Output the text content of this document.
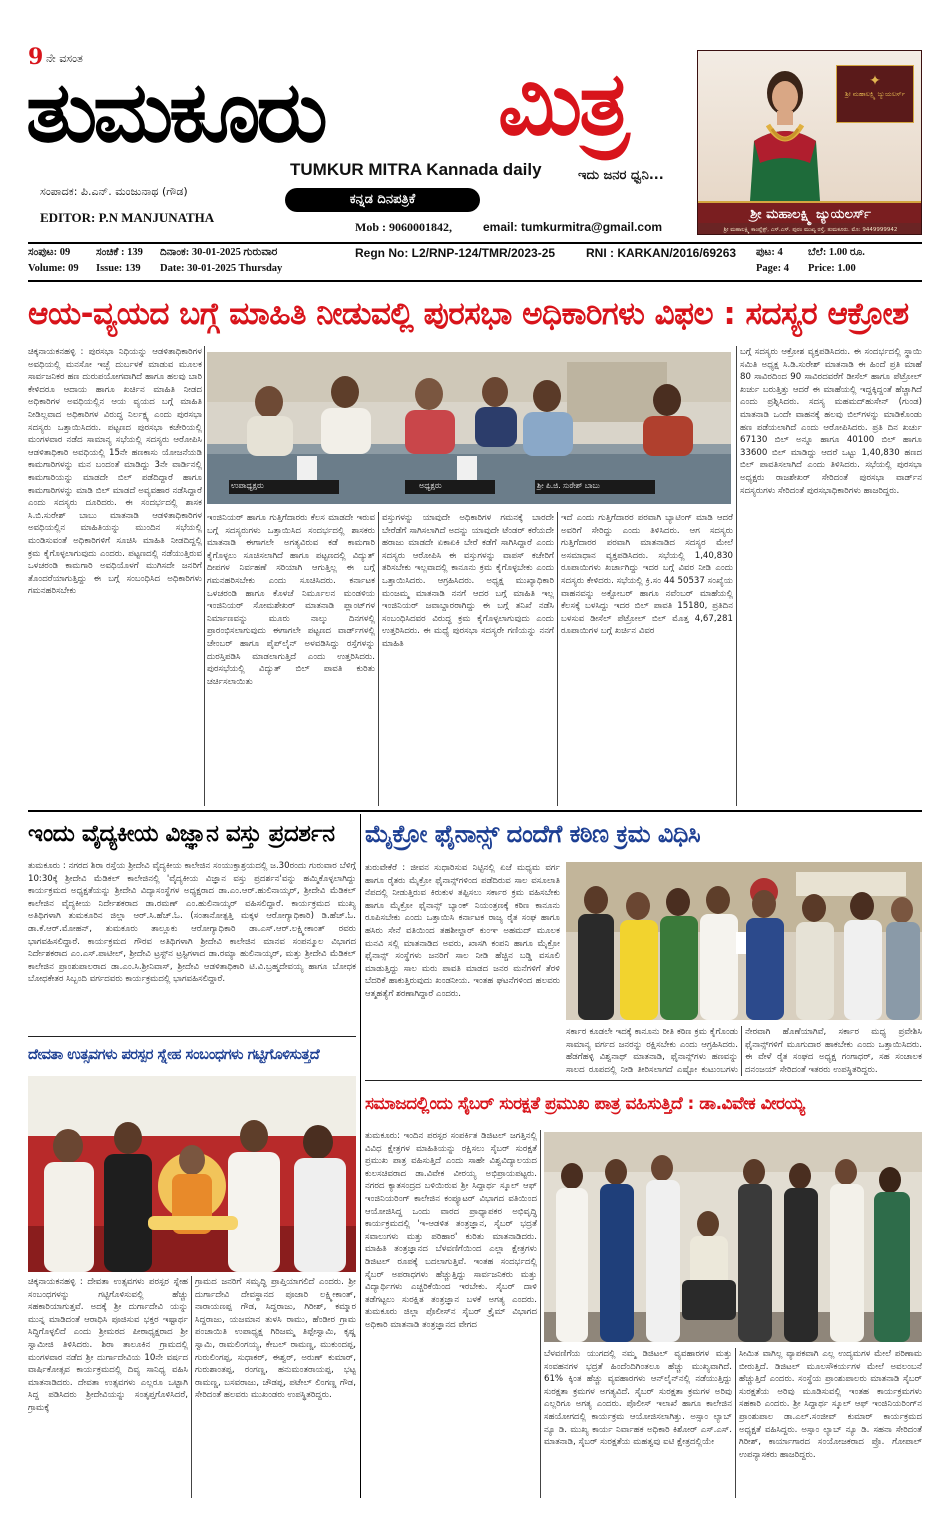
9 ನೇ ವಸಂತ
ತುಮಕೂರು ಮಿತ್ರ
TUMKUR MITRA Kannada daily	ಇದು ಜನರ ಧ್ವನಿ...
ಸಂಪಾದಕ: ಪಿ.ಎನ್. ಮಂಜುನಾಥ (ಗೌಡ)
EDITOR: P.N MANJUNATHA
ಕನ್ನಡ ದಿನಪತ್ರಿಕೆ
Mob : 9060001842,	email: tumkurmitra@gmail.com
✦
ಶ್ರೀ ಮಹಾಲಕ್ಷ್ಮಿ ಜ್ಯುಯಲರ್ಸ್
ಶ್ರೀ ಮಹಾಲಕ್ಷ್ಮಿ ಜ್ಯುಯಲರ್ಸ್
ಶ್ರೀ ಮಹಾಲಕ್ಷ್ಮಿ ಕಾಂಪ್ಲೆಕ್ಸ್, ಎಸ್.ಎಸ್. ಪುರಂ ಮುಖ್ಯ ರಸ್ತೆ, ತುಮಕೂರು. ಮೊ: 9449999942
ಸಂಪುಟ: 09 ಸಂಚಿಕೆ : 139 ದಿನಾಂಕ: 30-01-2025 ಗುರುವಾರ	Regn No: L2/RNP-124/TMR/2023-25	RNI : KARKAN/2016/69263 ಪುಟ: 4 ಬೆಲೆ: 1.00 ರೂ.
Volume: 09 Issue: 139 Date: 30-01-2025 Thursday	Page: 4 Price: 1.00
ಆಯ-ವ್ಯಯದ ಬಗ್ಗೆ ಮಾಹಿತಿ ನೀಡುವಲ್ಲಿ ಪುರಸಭಾ ಅಧಿಕಾರಿಗಳು ವಿಫಲ : ಸದಸ್ಯರ ಆಕ್ರೋಶ
ಚಿಕ್ಕನಾಯಕನಹಳ್ಳಿ : ಪುರಸಭಾ ನಿಧಿಯನ್ನು ಆಡಳಿತಾಧಿಕಾರಿಗಳ ಅವಧಿಯಲ್ಲಿ ಮನಸೋ ಇಚ್ಛೆ ದುರ್ಬಳಕೆ ಮಾಡುವ ಮೂಲಕ ಸಾರ್ವಜನಿಕರ ಹಣ ದುರುಪಯೋಗವಾಗಿದೆ ಹಾಗೂ ಹಲವು ಬಾರಿ ಕೇಳಿದರೂ ಆದಾಯ ಹಾಗೂ ಖರ್ಚಿನ ಮಾಹಿತಿ ನೀಡದ ಅಧಿಕಾರಿಗಳ ಅವಧಿಯಲ್ಲಿನ ಆಯ ವ್ಯಯದ ಬಗ್ಗೆ ಮಾಹಿತಿ ನೀಡಿಲ್ಲವಾದ ಅಧಿಕಾರಿಗಳ ವಿರುದ್ಧ ನಿರ್ಲಕ್ಷ್ಯ ಎಂದು ಪುರಸಭಾ ಸದಸ್ಯರು ಒತ್ತಾಯಿಸಿದರು. ಪಟ್ಟಣದ ಪುರಸಭಾ ಕಚೇರಿಯಲ್ಲಿ ಮಂಗಳವಾರ ನಡೆದ ಸಾಮಾನ್ಯ ಸಭೆಯಲ್ಲಿ ಸದಸ್ಯರು ಆರೋಪಿಸಿ ಆಡಳಿತಾಧಿಕಾರಿ ಅವಧಿಯಲ್ಲಿ 15ನೇ ಹಣಕಾಸು ಯೋಜನೆಯಡಿ ಕಾಮಗಾರಿಗಳನ್ನು ಮನ ಬಂದಂತೆ ಮಾಡಿದ್ದು 3ನೇ ವಾರ್ಡಿನಲ್ಲಿ ಕಾಮಗಾರಿಯನ್ನು ಮಾಡದೇ ಬಿಲ್ ಪಡೆದಿದ್ದಾರೆ ಹಾಗೂ ಕಾಮಗಾರಿಗಳನ್ನು ಮಾಡಿ ಬಿಲ್ ಮಾಡದೆ ಅವ್ಯವಹಾರ ನಡೆಸಿದ್ದಾರೆ ಎಂದು ಸದಸ್ಯರು ದೂರಿದರು. ಈ ಸಂದರ್ಭದಲ್ಲಿ ಶಾಸಕ ಸಿ.ಬಿ.ಸುರೇಶ್ ಬಾಬು ಮಾತನಾಡಿ ಆಡಳಿತಾಧಿಕಾರಿಗಳ ಅವಧಿಯಲ್ಲಿನ ಮಾಹಿತಿಯನ್ನು ಮುಂದಿನ ಸಭೆಯಲ್ಲಿ ಮಂಡಿಸುವಂತೆ ಅಧಿಕಾರಿಗಳಿಗೆ ಸೂಚಿಸಿ ಮಾಹಿತಿ ನೀಡದಿದ್ದಲ್ಲಿ ಕ್ರಮ ಕೈಗೊಳ್ಳಲಾಗುವುದು ಎಂದರು. ಪಟ್ಟಣದಲ್ಲಿ ನಡೆಯುತ್ತಿರುವ ಒಳಚರಂಡಿ ಕಾಮಗಾರಿ ಅವಧಿಯೊಳಗೆ ಮುಗಿಸದೇ ಜನರಿಗೆ ತೊಂದರೆಯಾಗುತ್ತಿದ್ದು ಈ ಬಗ್ಗೆ ಸಂಬಂಧಿಸಿದ ಅಧಿಕಾರಿಗಳು ಗಮನಹರಿಸಬೇಕು
ಉಪಾಧ್ಯಕ್ಷರು	ಅಧ್ಯಕ್ಷರು	ಶ್ರೀ ಪಿ.ಜಿ. ಸುರೇಶ್ ಬಾಬು
ಇಂಜಿನಿಯರ್ ಹಾಗೂ ಗುತ್ತಿಗೆದಾರರು ಕೆಲಸ ಮಾಡದೇ ಇರುವ ಬಗ್ಗೆ ಸದಸ್ಯರುಗಳು ಒತ್ತಾಯಿಸಿದ ಸಂದರ್ಭದಲ್ಲಿ ಶಾಸಕರು ಮಾತನಾಡಿ ಈಗಾಗಲೇ ಅಗತ್ಯವಿರುವ ಕಡೆ ಕಾಮಗಾರಿ ಕೈಗೊಳ್ಳಲು ಸೂಚಿಸಲಾಗಿದೆ ಹಾಗೂ ಪಟ್ಟಣದಲ್ಲಿ ವಿದ್ಯುತ್ ದೀಪಗಳ ನಿರ್ವಹಣೆ ಸರಿಯಾಗಿ ಆಗುತ್ತಿಲ್ಲ ಈ ಬಗ್ಗೆ ಗಮನಹರಿಸಬೇಕು ಎಂದು ಸೂಚಿಸಿದರು. ಕರ್ನಾಟಕ ಒಳಚರಂಡಿ ಹಾಗೂ ಕೊಳಚೆ ನಿರ್ಮೂಲನ ಮಂಡಳಿಯ ಇಂಜಿನಿಯರ್ ಸೋಮಶೇಖರ್ ಮಾತನಾಡಿ ಪ್ಲಾಂಟ್‌ಗಳ ನಿರ್ಮಾಣವನ್ನು ಮೂರು ನಾಲ್ಕು ದಿನಗಳಲ್ಲಿ ಪ್ರಾರಂಭಿಸಲಾಗುವುದು ಈಗಾಗಲೇ ಪಟ್ಟಣದ ವಾರ್ಡ್‌ಗಳಲ್ಲಿ ಚೇಂಬರ್ ಹಾಗೂ ಪೈಪ್‌ಲೈನ್ ಅಳವಡಿಸಿದ್ದು ರಸ್ತೆಗಳನ್ನು ದುರಸ್ತಿಪಡಿಸಿ ಮಾಡಲಾಗುತ್ತಿದೆ ಎಂದು ಉತ್ತರಿಸಿದರು. ಪುರಸಭೆಯಲ್ಲಿ ವಿದ್ಯುತ್ ಬಿಲ್ ಪಾವತಿ ಕುರಿತು ಚರ್ಚಿಸಲಾಯಿತು
ವಸ್ತುಗಳನ್ನು ಯಾವುದೇ ಅಧಿಕಾರಿಗಳ ಗಮನಕ್ಕೆ ಬಾರದೇ ಬೇರೆಡೆಗೆ ಸಾಗಿಸಲಾಗಿದೆ ಅದನ್ನು ಯಾವುದೇ ಟೆಂಡರ್ ಕರೆಯದೇ ಹರಾಜು ಮಾಡದೇ ಏಕಾಏಕಿ ಬೇರೆ ಕಡೆಗೆ ಸಾಗಿಸಿದ್ದಾರೆ ಎಂದು ಸದಸ್ಯರು ಆರೋಪಿಸಿ ಈ ವಸ್ತುಗಳನ್ನು ವಾಪಸ್ ಕಚೇರಿಗೆ ತರಿಸಬೇಕು ಇಲ್ಲವಾದಲ್ಲಿ ಕಾನೂನು ಕ್ರಮ ಕೈಗೊಳ್ಳಬೇಕು ಎಂದು ಒತ್ತಾಯಿಸಿದರು. ಆಗ್ರಹಿಸಿದರು. ಅಧ್ಯಕ್ಷ ಮುಖ್ಯಾಧಿಕಾರಿ ಮಂಜಮ್ಮ ಮಾತನಾಡಿ ನನಗೆ ಆದರ ಬಗ್ಗೆ ಮಾಹಿತಿ ಇಲ್ಲ ಇಂಜಿನಿಯರ್ ಜವಾಬ್ದಾರರಾಗಿದ್ದು ಈ ಬಗ್ಗೆ ತನಿಖೆ ನಡೆಸಿ ಸಂಬಂಧಿಸಿದವರ ವಿರುದ್ಧ ಕ್ರಮ ಕೈಗೊಳ್ಳಲಾಗುವುದು ಎಂದು ಉತ್ತರಿಸಿದರು. ಈ ಮಧ್ಯೆ ಪುರಸಭಾ ಸದಸ್ಯರೇ ಗಣಿಯನ್ನು ನನಗೆ ಮಾಹಿತಿ
ಇದೆ ಎಂದು ಗುತ್ತಿಗೆದಾರರ ಪರವಾಗಿ ಬ್ಯಾಟಿಂಗ್ ಮಾಡಿ ಆದರೆ ಅವರಿಗೆ ಸೇರಿದ್ದು ಎಂದು ತಿಳಿಸಿದರು. ಆಗ ಸದಸ್ಯರು ಗುತ್ತಿಗೆದಾರರ ಪರವಾಗಿ ಮಾತನಾಡಿದ ಸದಸ್ಯರ ಮೇಲೆ ಅಸಮಾಧಾನ ವ್ಯಕ್ತಪಡಿಸಿದರು. ಸಭೆಯಲ್ಲಿ 1,40,830 ರೂಪಾಯಿಗಳು ಖರ್ಚಾಗಿದ್ದು ಇದರ ಬಗ್ಗೆ ವಿವರ ನೀಡಿ ಎಂದು ಸದಸ್ಯರು ಕೇಳಿದರು. ಸಭೆಯಲ್ಲಿ ಕ್ರಿ.ಸಂ 44 50537 ಸಂಖ್ಯೆಯ ವಾಹನವನ್ನು ಅಕ್ಟೋಬರ್ ಹಾಗೂ ನವೆಂಬರ್ ಮಾಹೆಯಲ್ಲಿ ಕೆಲಸಕ್ಕೆ ಬಳಸಿದ್ದು ಇದರ ಬಿಲ್ ಪಾವತಿ 15180, ಪ್ರತಿದಿನ ಬಳಸುವ ಡೀಸೆಲ್ ಪೆಟ್ರೋಲ್ ಬಿಲ್ ಮೊತ್ತ 4,67,281 ರೂಪಾಯಿಗಳ ಬಗ್ಗೆ ಖರ್ಚಿನ ವಿವರ
ಬಗ್ಗೆ ಸದಸ್ಯರು ಆಕ್ರೋಶ ವ್ಯಕ್ತಪಡಿಸಿದರು. ಈ ಸಂದರ್ಭದಲ್ಲಿ ಸ್ಥಾಯಿ ಸಮಿತಿ ಅಧ್ಯಕ್ಷ ಸಿ.ಡಿ.ಸುರೇಶ್ ಮಾತನಾಡಿ ಈ ಹಿಂದೆ ಪ್ರತಿ ಮಾಹೆ 80 ಸಾವಿರದಿಂದ 90 ಸಾವಿರದವರೆಗೆ ಡೀಸೆಲ್ ಹಾಗೂ ಪೆಟ್ರೋಲ್ ಖರ್ಚು ಬರುತ್ತಿತ್ತು ಆದರೆ ಈ ಮಾಹೆಯಲ್ಲಿ ಇದ್ದಕ್ಕಿದ್ದಂತೆ ಹೆಚ್ಚಾಗಿದೆ ಎಂದು ಪ್ರಶ್ನಿಸಿದರು. ಸದಸ್ಯ ಮಹಮದ್‌ಹುಸೇನ್ (ಗುಂಡ) ಮಾತನಾಡಿ ಒಂದೇ ವಾಹನಕ್ಕೆ ಹಲವು ಬಿಲ್‌ಗಳನ್ನು ಮಾಡಿಕೊಂಡು ಹಣ ಪಡೆಯಲಾಗಿದೆ ಎಂದು ಆರೋಪಿಸಿದರು. ಪ್ರತಿ ದಿನ ಖರ್ಚು 67130 ಬಿಲ್ ಅನ್ನೂ ಹಾಗೂ 40100 ಬಿಲ್ ಹಾಗೂ 33600 ಬಿಲ್ ಮಾಡಿದ್ದು ಆದರೆ ಒಟ್ಟು 1,40,830 ಹಣದ ಬಿಲ್ ಪಾವತಿಸಲಾಗಿದೆ ಎಂದು ತಿಳಿಸಿದರು. ಸಭೆಯಲ್ಲಿ ಪುರಸಭಾ ಅಧ್ಯಕ್ಷರು ರಾಜಶೇಖರ್ ಸೇರಿದಂತೆ ಪುರಸಭಾ ವಾರ್ಡ್‌ನ ಸದಸ್ಯರುಗಳು ಸೇರಿದಂತೆ ಪುರಸಭಾಧಿಕಾರಿಗಳು ಹಾಜರಿದ್ದರು.
ಇಂದು ವೈದ್ಯಕೀಯ ವಿಜ್ಞಾನ ವಸ್ತು ಪ್ರದರ್ಶನ
ತುಮಕೂರು : ನಗರದ ಶಿರಾ ರಸ್ತೆಯ ಶ್ರೀದೇವಿ ವೈದ್ಯಕೀಯ ಕಾಲೇಜಿನ ಸಂಯುಕ್ತಾಶ್ರಯದಲ್ಲಿ ಜ.30ರಂದು ಗುರುವಾರ ಬೆಳಿಗ್ಗೆ 10:30ಕ್ಕೆ ಶ್ರೀದೇವಿ ಮೆಡಿಕಲ್ ಕಾಲೇಜಿನಲ್ಲಿ 'ವೈದ್ಯಕೀಯ ವಿಜ್ಞಾನ ವಸ್ತು ಪ್ರದರ್ಶನ'ವನ್ನು ಹಮ್ಮಿಕೊಳ್ಳಲಾಗಿದ್ದು ಕಾರ್ಯಕ್ರಮದ ಅಧ್ಯಕ್ಷತೆಯನ್ನು ಶ್ರೀದೇವಿ ವಿದ್ಯಾಸಂಸ್ಥೆಗಳ ಅಧ್ಯಕ್ಷರಾದ ಡಾ.ಎಂ.ಆರ್.ಹುಲಿನಾಯ್ಕರ್, ಶ್ರೀದೇವಿ ಮೆಡಿಕಲ್ ಕಾಲೇಜಿನ ವೈದ್ಯಕೀಯ ನಿರ್ದೇಶಕರಾದ ಡಾ.ರಮಣ್ ಎಂ.ಹುಲಿನಾಯ್ಕರ್ ವಹಿಸಲಿದ್ದಾರೆ. ಕಾರ್ಯಕ್ರಮದ ಮುಖ್ಯ ಅತಿಥಿಗಳಾಗಿ ತುಮಕೂರಿನ ಜಿಲ್ಲಾ ಆರ್.ಸಿ.ಹೆಚ್.ಓ. (ಸಂತಾನೋತ್ಪತ್ತಿ ಮಕ್ಕಳ ಆರೋಗ್ಯಾಧಿಕಾರಿ) ಡಿ.ಹೆಚ್.ಓ. ಡಾ.ಕೆ.ಆರ್.ಮೋಹನ್, ತುಮಕೂರು ತಾಲ್ಲೂಕು ಆರೋಗ್ಯಾಧಿಕಾರಿ ಡಾ.ಎಸ್.ಆರ್.ಲಕ್ಷ್ಮೀಕಾಂತ್ ರವರು ಭಾಗವಹಿಸಲಿದ್ದಾರೆ. ಕಾರ್ಯಕ್ರಮದ ಗೌರವ ಅತಿಥಿಗಳಾಗಿ ಶ್ರೀದೇವಿ ಕಾಲೇಜಿನ ಮಾನವ ಸಂಪನ್ಮೂಲ ವಿಭಾಗದ ನಿರ್ದೇಶಕರಾದ ಎಂ.ಎಸ್.ಪಾಟೀಲ್, ಶ್ರೀದೇವಿ ಟ್ರಸ್ಟ್‌ನ ಟ್ರಸ್ಟಿಗಳಾದ ಡಾ.ರಮ್ಯಾ ಹುಲಿನಾಯ್ಕರ್, ಮತ್ತು ಶ್ರೀದೇವಿ ಮೆಡಿಕಲ್ ಕಾಲೇಜಿನ ಪ್ರಾಂಶುಪಾಲರಾದ ಡಾ.ಎಂ.ಸಿ.ಶ್ರೀನಿವಾಸ್, ಶ್ರೀದೇವಿ ಆಡಳಿತಾಧಿಕಾರಿ ಟಿ.ವಿ.ಬ್ರಹ್ಮದೇವಯ್ಯ ಹಾಗೂ ಬೋಧಕ ಬೋಧಕೇತರ ಸಿಬ್ಬಂದಿ ವರ್ಗದವರು ಕಾರ್ಯಕ್ರಮದಲ್ಲಿ ಭಾಗವಹಿಸಲಿದ್ದಾರೆ.
ದೇವತಾ ಉತ್ಸವಗಳು ಪರಸ್ಪರ ಸ್ನೇಹ ಸಂಬಂಧಗಳು ಗಟ್ಟಿಗೊಳಿಸುತ್ತದೆ
ಚಿಕ್ಕನಾಯಕನಹಳ್ಳಿ : ದೇವತಾ ಉತ್ಸವಗಳು ಪರಸ್ಪರ ಸ್ನೇಹ ಸಂಬಂಧಗಳನ್ನು ಗಟ್ಟಿಗೊಳಿಸುವಲ್ಲಿ ಹೆಚ್ಚು ಸಹಕಾರಿಯಾಗುತ್ತವೆ. ಅದಕ್ಕೆ ಶ್ರೀ ದುರ್ಗಾದೇವಿ ಯನ್ನು ಮುನ್ನ ಮಾಡಿದಂತೆ ಆರಾಧಿಸಿ ಪೂಜಿಸುವ ಭಕ್ತರ ಇಷ್ಟಾರ್ಥ ಸಿದ್ಧಿಗೊಳ್ಳಲಿದೆ ಎಂದು ಶ್ರೀಮಠದ ಪೀಠಾಧ್ಯಕ್ಷರಾದ ಶ್ರೀ ಸ್ವಾಮೀಜಿ ತಿಳಿಸಿದರು. ಶಿರಾ ತಾಲೂಕಿನ ಗ್ರಾಮದಲ್ಲಿ ಮಂಗಳವಾರ ನಡೆದ ಶ್ರೀ ದುರ್ಗಾದೇವಿಯ 10ನೇ ವರ್ಷದ ವಾರ್ಷಿಕೋತ್ಸವ ಕಾರ್ಯಕ್ರಮದಲ್ಲಿ ದಿವ್ಯ ಸಾನಿಧ್ಯ ವಹಿಸಿ ಮಾತನಾಡಿದರು. ದೇವತಾ ಉತ್ಸವಗಳು ಎಲ್ಲರೂ ಒಟ್ಟಾಗಿ ಸಿದ್ದ ಪಡಿಸಿದರು ಶ್ರೀದೇವಿಯನ್ನು ಸಂತೃಪ್ತಗೊಳಿಸಿದರೆ, ಗ್ರಾಮಕ್ಕೆ
ಗ್ರಾಮದ ಜನರಿಗೆ ಸಮೃದ್ಧಿ ಪ್ರಾಪ್ತಿಯಾಗಲಿದೆ ಎಂದರು. ಶ್ರೀ ದುರ್ಗಾದೇವಿ ದೇವಸ್ಥಾನದ ಪೂಜಾರಿ ಲಕ್ಷ್ಮೀಕಾಂತ್, ನಾರಾಯಣಪ್ಪ ಗೌಡ, ಸಿದ್ದರಾಜು, ಗಿರೀಶ್, ಕಮ್ಮಾರ ಸಿದ್ದರಾಜು, ಯಜಮಾನ ತುಳಸಿ ರಾಮು, ಹೆಂಡೀರ ಗ್ರಾಮ ಪಂಚಾಯಿತಿ ಉಪಾಧ್ಯಕ್ಷ ಗಿರಿಜಮ್ಮ ತಿಪ್ಪೇಸ್ವಾಮಿ, ಕೃಷ್ಣ ಸ್ವಾಮಿ, ರಾಮಲಿಂಗಯ್ಯ, ಕೇಬಲ್ ರಾಮಣ್ಣ, ಮುಕುಂದಪ್ಪ, ಗುರುಲಿಂಗಪ್ಪ, ಸುಧಾಕರ್, ಈಶ್ವರ್, ಅರುಣ್ ಕುಮಾರ್, ಗುರುಶಾಂತಪ್ಪ, ರಂಗಣ್ಣ, ಹನುಮಂತರಾಯಪ್ಪ, ಭಟ್ಟ ರಾಮಣ್ಣ, ಬಸವರಾಜು, ಚೌಡಪ್ಪ, ಪಟೇಲ್ ಲಿಂಗಣ್ಣ ಗೌಡ, ಸೇರಿದಂತೆ ಹಲವರು ಮುಖಂಡರು ಉಪಸ್ಥಿತರಿದ್ದರು.
ಮೈಕ್ರೋ ಫೈನಾನ್ಸ್ ದಂದೆಗೆ ಕಠಿಣ ಕ್ರಮ ವಿಧಿಸಿ
ತುರುವೇಕೆರೆ : ಜೀವನ ಸುಧಾರಿಸುವ ನಿಟ್ಟಿನಲ್ಲಿ ಏಜೆ ಮಧ್ಯಮ ವರ್ಗ ಹಾಗೂ ರೈತರು ಮೈಕ್ರೋ ಫೈನಾನ್ಸ್‌ಗಳಿಂದ ಪಡೆದಿರುವ ಸಾಲ ವಸೂಲಾತಿ ನೆಪದಲ್ಲಿ ನೀಡುತ್ತಿರುವ ಕಿರುಕುಳ ತಪ್ಪಿಸಲು ಸರ್ಕಾರ ಕ್ರಮ ವಹಿಸಬೇಕು ಹಾಗೂ ಮೈಕ್ರೋ ಫೈನಾನ್ಸ್ ಬ್ಯಾಂಕ್ ನಿಯಂತ್ರಣಕ್ಕೆ ಕಠಿಣ ಕಾನೂನು ರೂಪಿಸಬೇಕು ಎಂದು ಒತ್ತಾಯಿಸಿ ಕರ್ನಾಟಕ ರಾಜ್ಯ ರೈತ ಸಂಘ ಹಾಗೂ ಹಸಿರು ಸೇನೆ ವತಿಯಿಂದ ತಹಶೀಲ್ದಾರ್ ಕುಂಞ ಅಹಮದ್ ಮೂಲಕ ಮನವಿ ಸಲ್ಲಿ ಮಾತನಾಡಿದ ಅವರು, ಖಾಸಗಿ ಕಂಪನಿ ಹಾಗೂ ಮೈಕ್ರೋ ಫೈನಾನ್ಸ್ ಸಂಸ್ಥೆಗಳು ಜನರಿಗೆ ಸಾಲ ನೀಡಿ ಹೆಚ್ಚಿನ ಬಡ್ಡಿ ವಸೂಲಿ ಮಾಡುತ್ತಿದ್ದು ಸಾಲ ಮರು ಪಾವತಿ ಮಾಡದ ಜನರ ಮನೆಗಳಿಗೆ ತೆರಳಿ ಬೆದರಿಕೆ ಹಾಕುತ್ತಿರುವುದು ಖಂಡನೀಯ. ಇಂತಹ ಘಟನೆಗಳಿಂದ ಹಲವರು ಆತ್ಮಹತ್ಯೆಗೆ ಶರಣಾಗಿದ್ದಾರೆ ಎಂದರು.
ಸರ್ಕಾರ ಕೂಡಲೇ ಇದಕ್ಕೆ ಕಾನೂನು ರೀತಿ ಕಠಿಣ ಕ್ರಮ ಕೈಗೊಂಡು ಸಾಮಾನ್ಯ ವರ್ಗದ ಜನರನ್ನು ರಕ್ಷಿಸಬೇಕು ಎಂದು ಆಗ್ರಹಿಸಿದರು. ಹೆಡಗೆಹಳ್ಳಿ ವಿಶ್ವನಾಥ್ ಮಾತನಾಡಿ, ಫೈನಾನ್ಸ್‌ಗಳು ಹಣವನ್ನು ಸಾಲದ ರೂಪದಲ್ಲಿ ನೀಡಿ ತೀರಿಸಲಾಗದೆ ಎಷ್ಟೋ ಕುಟುಂಬಗಳು
ನೇರವಾಗಿ ಹೊಣೆಯಾಗಿವೆ, ಸರ್ಕಾರ ಮಧ್ಯ ಪ್ರವೇಶಿಸಿ ಫೈನಾನ್ಸ್‌ಗಳಿಗೆ ಮೂಗುದಾರ ಹಾಕಬೇಕು ಎಂದು ಒತ್ತಾಯಿಸಿದರು. ಈ ವೇಳೆ ರೈತ ಸಂಘದ ಅಧ್ಯಕ್ಷ ಗಂಗಾಧರ್, ಸಹ ಸಂಚಾಲಕ ದನಂಜಯ್ ಸೇರಿದಂತೆ ಇತರರು ಉಪಸ್ಥಿತರಿದ್ದರು.
ಸಮಾಜದಲ್ಲಿಂದು ಸೈಬರ್ ಸುರಕ್ಷತೆ ಪ್ರಮುಖ ಪಾತ್ರ ವಹಿಸುತ್ತಿದೆ : ಡಾ.ವಿವೇಕ ವೀರಯ್ಯ
ತುಮಕೂರು: ಇಂದಿನ ಪರಸ್ಪರ ಸಂಪರ್ಕಿತ ಡಿಜಿಟಲ್ ಜಗತ್ತಿನಲ್ಲಿ ವಿವಿಧ ಕ್ಷೇತ್ರಗಳ ಮಾಹಿತಿಯನ್ನು ರಕ್ಷಿಸಲು ಸೈಬರ್ ಸುರಕ್ಷತೆ ಪ್ರಮುಖ ಪಾತ್ರ ವಹಿಸುತ್ತಿದೆ ಎಂದು ಸಾಹೇ ವಿಶ್ವವಿದ್ಯಾಲಯದ ಕುಲಸಚಿವರಾದ ಡಾ.ವಿವೇಕ ವೀರಯ್ಯ ಅಭಿಪ್ರಾಯಪಟ್ಟರು. ನಗರದ ಕ್ಯಾತಸಂದ್ರದ ಬಳಿಯಿರುವ ಶ್ರೀ ಸಿದ್ದಾರ್ಥ ಸ್ಕೂಲ್ ಆಫ್ ಇಂಜಿನಿಯರಿಂಗ್ ಕಾಲೇಜಿನ ಕಂಪ್ಯೂಟರ್ ವಿಭಾಗದ ವತಿಯಿಂದ ಆಯೋಜಿಸಿದ್ದ ಒಂದು ವಾರದ ಪ್ರಾಧ್ಯಾಪಕರ ಅಭಿವೃದ್ಧಿ ಕಾರ್ಯಕ್ರಮದಲ್ಲಿ 'ಇ-ಆಡಳಿತ ತಂತ್ರಜ್ಞಾನ, ಸೈಬರ್ ಭದ್ರತೆ ಸವಾಲುಗಳು ಮತ್ತು ಪರಿಹಾರ' ಕುರಿತು ಮಾತನಾಡಿದರು. ಮಾಹಿತಿ ತಂತ್ರಜ್ಞಾನದ ಬೆಳವಣಿಗೆಯಿಂದ ಎಲ್ಲಾ ಕ್ಷೇತ್ರಗಳು ಡಿಜಿಟಲ್ ರೂಪಕ್ಕೆ ಬದಲಾಗುತ್ತಿವೆ. ಇಂತಹ ಸಂದರ್ಭದಲ್ಲಿ ಸೈಬರ್ ಅಪರಾಧಗಳು ಹೆಚ್ಚುತ್ತಿದ್ದು ಸಾರ್ವಜನಿಕರು ಮತ್ತು ವಿದ್ಯಾರ್ಥಿಗಳು ಎಚ್ಚರಿಕೆಯಿಂದ ಇರಬೇಕು. ಸೈಬರ್ ದಾಳಿ ತಡೆಗಟ್ಟಲು ಸುರಕ್ಷಿತ ತಂತ್ರಜ್ಞಾನ ಬಳಕೆ ಅಗತ್ಯ ಎಂದರು. ತುಮಕೂರು ಜಿಲ್ಲಾ ಪೊಲೀಸ್‌ನ ಸೈಬರ್ ಕ್ರೈಮ್ ವಿಭಾಗದ ಅಧಿಕಾರಿ ಮಾತನಾಡಿ ತಂತ್ರಜ್ಞಾನದ ವೇಗದ
ಬೆಳವಣಿಗೆಯ ಯುಗದಲ್ಲಿ ನಮ್ಮ ಡಿಜಿಟಲ್ ವ್ಯವಹಾರಗಳ ಮತ್ತು ಸಂವಹನಗಳ ಭದ್ರತೆ ಹಿಂದೆಂದಿಗಿಂತಲೂ ಹೆಚ್ಚು ಮುಖ್ಯವಾಗಿದೆ. 61% ಕ್ಕಿಂತ ಹೆಚ್ಚು ವ್ಯವಹಾರಗಳು ಆನ್‌ಲೈನ್‌ನಲ್ಲಿ ನಡೆಯುತ್ತಿದ್ದು ಸುರಕ್ಷತಾ ಕ್ರಮಗಳ ಅಗತ್ಯವಿದೆ. ಸೈಬರ್ ಸುರಕ್ಷತಾ ಕ್ರಮಗಳ ಅರಿವು ಎಲ್ಲರಿಗೂ ಅಗತ್ಯ ಎಂದರು. ಪೊಲೀಸ್ ಇಲಾಖೆ ಹಾಗೂ ಕಾಲೇಜಿನ ಸಹಯೋಗದಲ್ಲಿ ಕಾರ್ಯಕ್ರಮ ಆಯೋಜಿಸಲಾಗಿತ್ತು. ಅಸ್ಸಾಂ ಲ್ಯಾಬ್ ನ್ಯೂ ಡಿ. ಮುಖ್ಯ ಕಾರ್ಯ ನಿರ್ವಾಹಕ ಅಧಿಕಾರಿ ಕಿಶೋರ್ ಎಸ್.ಎಸ್. ಮಾತನಾಡಿ, ಸೈಬರ್ ಸುರಕ್ಷತೆಯ ಮಹತ್ವವು ಐಟಿ ಕ್ಷೇತ್ರದಲ್ಲಿಯೇ
ಸೀಮಿತ ವಾಗಿಲ್ಲ ವ್ಯಾಪಕವಾಗಿ ಎಲ್ಲ ಉದ್ಯಮಗಳ ಮೇಲೆ ಪರಿಣಾಮ ಬೀರುತ್ತಿದೆ. ಡಿಜಿಟಲ್ ಮೂಲಸೌಕರ್ಯಗಳ ಮೇಲೆ ಅವಲಂಬನೆ ಹೆಚ್ಚುತ್ತಿದೆ ಎಂದರು. ಸಂಸ್ಥೆಯ ಪ್ರಾಂಶುಪಾಲರು ಮಾತನಾಡಿ ಸೈಬರ್ ಸುರಕ್ಷತೆಯ ಅರಿವು ಮೂಡಿಸುವಲ್ಲಿ ಇಂತಹ ಕಾರ್ಯಕ್ರಮಗಳು ಸಹಕಾರಿ ಎಂದರು. ಶ್ರೀ ಸಿದ್ದಾರ್ಥ ಸ್ಕೂಲ್ ಆಫ್ ಇಂಜಿನಿಯರಿಂಗ್‌ನ ಪ್ರಾಂಶುಪಾಲ ಡಾ.ಎಲ್.ಸಂಜೀವ್ ಕುಮಾರ್ ಕಾರ್ಯಕ್ರಮದ ಅಧ್ಯಕ್ಷತೆ ವಹಿಸಿದ್ದರು. ಅಸ್ಸಾಂ ಲ್ಯಾಬ್ ನ್ಯೂ ಡಿ. ಸಹನಾ ಸೇರಿದಂತೆ ಗಿರೀಶ್, ಕಾರ್ಯಾಗಾರದ ಸಂಯೋಜಕರಾದ ಪ್ರೊ. ಗೋಪಾಲ್ ಉಪನ್ಯಾಸಕರು ಹಾಜರಿದ್ದರು.
